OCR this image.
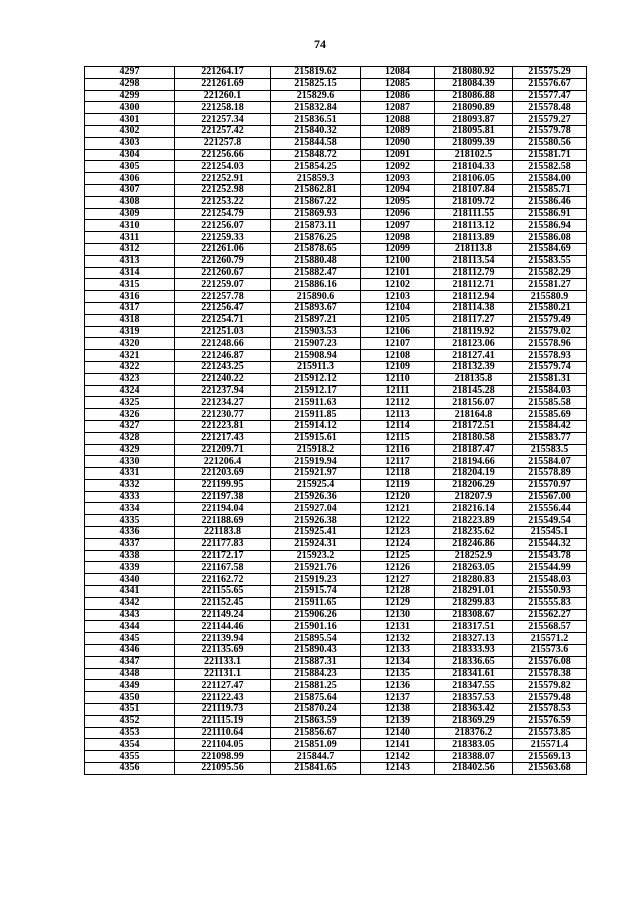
74
4297	221264.17	215819.62	12084	218080.92	215575.29
4298	221261.69	215825.15	12085	218084.39	215576.67
4299	221260.1	215829.6	12086	218086.88	215577.47
4300	221258.18	215832.84	12087	218090.89	215578.48
4301	221257.34	215836.51	12088	218093.87	215579.27
4302	221257.42	215840.32	12089	218095.81	215579.78
4303	221257.8	215844.58	12090	218099.39	215580.56
4304	221256.66	215848.72	12091	218102.5	215581.71
4305	221254.03	215854.25	12092	218104.33	215582.58
4306	221252.91	215859.3	12093	218106.05	215584.00
4307	221252.98	215862.81	12094	218107.84	215585.71
4308	221253.22	215867.22	12095	218109.72	215586.46
4309	221254.79	215869.93	12096	218111.55	215586.91
4310	221256.07	215873.11	12097	218113.12	215586.94
4311	221259.33	215876.25	12098	218113.89	215586.08
4312	221261.06	215878.65	12099	218113.8	215584.69
4313	221260.79	215880.48	12100	218113.54	215583.55
4314	221260.67	215882.47	12101	218112.79	215582.29
4315	221259.07	215886.16	12102	218112.71	215581.27
4316	221257.78	215890.6	12103	218112.94	215580.9
4317	221256.47	215893.67	12104	218114.38	215580.21
4318	221254.71	215897.21	12105	218117.27	215579.49
4319	221251.03	215903.53	12106	218119.92	215579.02
4320	221248.66	215907.23	12107	218123.06	215578.96
4321	221246.87	215908.94	12108	218127.41	215578.93
4322	221243.25	215911.3	12109	218132.39	215579.74
4323	221240.22	215912.12	12110	218135.8	215581.31
4324	221237.94	215912.17	12111	218145.28	215584.03
4325	221234.27	215911.63	12112	218156.07	215585.58
4326	221230.77	215911.85	12113	218164.8	215585.69
4327	221223.81	215914.12	12114	218172.51	215584.42
4328	221217.43	215915.61	12115	218180.58	215583.77
4329	221209.71	215918.2	12116	218187.47	215583.5
4330	221206.4	215919.94	12117	218194.66	215584.07
4331	221203.69	215921.97	12118	218204.19	215578.89
4332	221199.95	215925.4	12119	218206.29	215570.97
4333	221197.38	215926.36	12120	218207.9	215567.00
4334	221194.04	215927.04	12121	218216.14	215556.44
4335	221188.69	215926.38	12122	218223.89	215549.54
4336	221183.8	215925.41	12123	218235.62	215545.1
4337	221177.83	215924.31	12124	218246.86	215544.32
4338	221172.17	215923.2	12125	218252.9	215543.78
4339	221167.58	215921.76	12126	218263.05	215544.99
4340	221162.72	215919.23	12127	218280.83	215548.03
4341	221155.65	215915.74	12128	218291.01	215550.93
4342	221152.45	215911.65	12129	218299.83	215555.83
4343	221149.24	215906.26	12130	218308.67	215562.27
4344	221144.46	215901.16	12131	218317.51	215568.57
4345	221139.94	215895.54	12132	218327.13	215571.2
4346	221135.69	215890.43	12133	218333.93	215573.6
4347	221133.1	215887.31	12134	218336.65	215576.08
4348	221131.1	215884.23	12135	218341.61	215578.38
4349	221127.47	215881.25	12136	218347.55	215579.82
4350	221122.43	215875.64	12137	218357.53	215579.48
4351	221119.73	215870.24	12138	218363.42	215578.53
4352	221115.19	215863.59	12139	218369.29	215576.59
4353	221110.64	215856.67	12140	218376.2	215573.85
4354	221104.05	215851.09	12141	218383.05	215571.4
4355	221098.99	215844.7	12142	218388.07	215569.13
4356	221095.56	215841.65	12143	218402.56	215563.68
